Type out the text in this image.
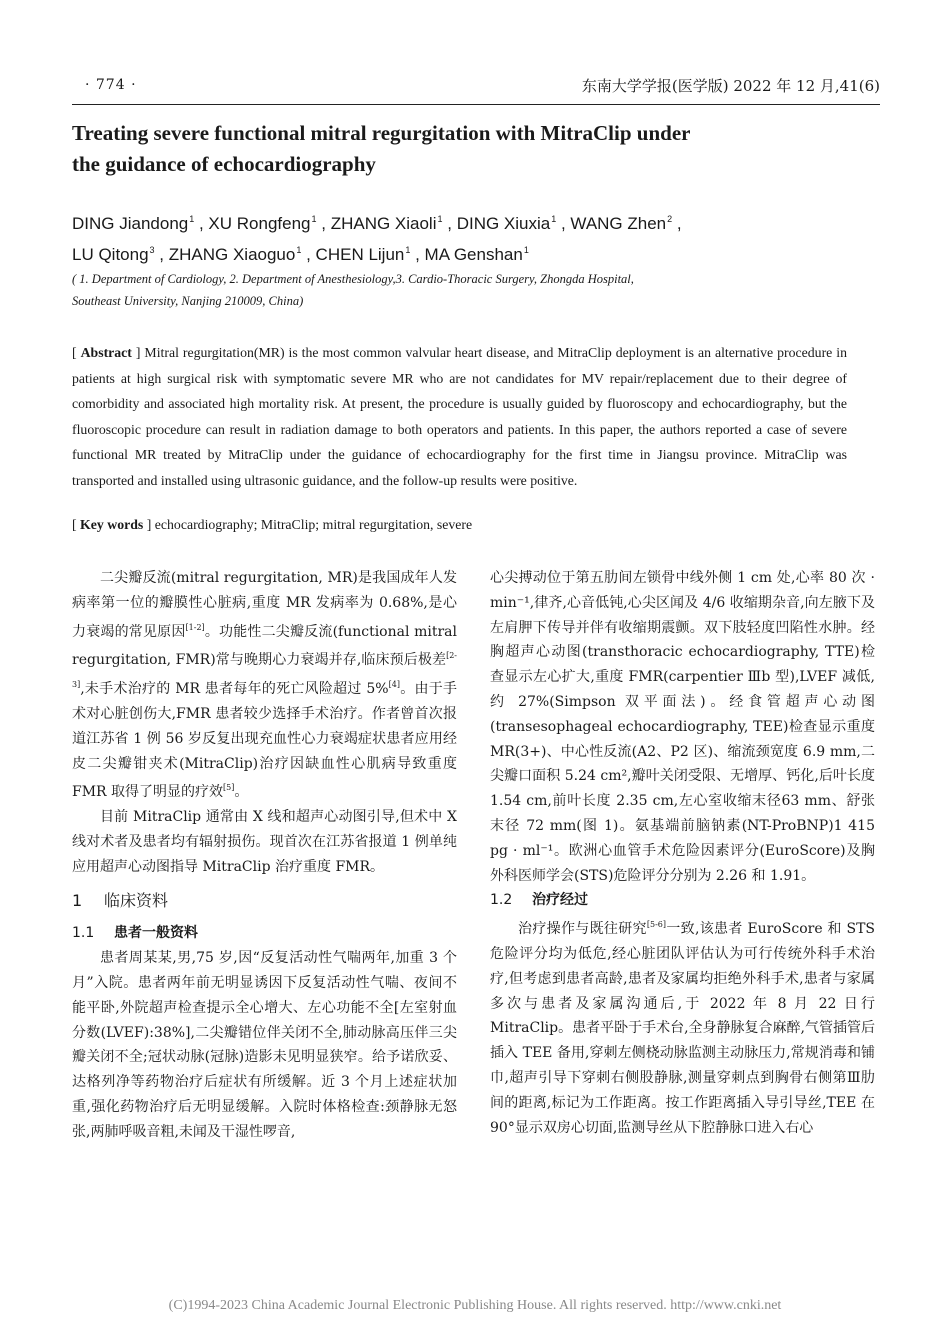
· 774 ·	东南大学学报(医学版) 2022 年 12 月,41(6)
Treating severe functional mitral regurgitation with MitraClip under
the guidance of echocardiography
DING Jiandong$^1$ , XU Rongfeng$^1$ , ZHANG Xiaoli$^1$ , DING Xiuxia$^1$ , WANG Zhen$^2$ ,
LU Qitong$^3$ , ZHANG Xiaoguo$^1$ , CHEN Lijun$^1$ , MA Genshan$^1$
( 1. Department of Cardiology, 2. Department of Anesthesiology,3. Cardio-Thoracic Surgery, Zhongda Hospital,
Southeast University, Nanjing 210009, China)
[ Abstract ] Mitral regurgitation(MR) is the most common valvular heart disease, and MitraClip deployment is an alternative procedure in patients at high surgical risk with symptomatic severe MR who are not candidates for MV repair/replacement due to their degree of comorbidity and associated high mortality risk. At present, the procedure is usually guided by fluoroscopy and echocardiography, but the fluoroscopic procedure can result in radiation damage to both operators and patients. In this paper, the authors reported a case of severe functional MR treated by MitraClip under the guidance of echocardiography for the first time in Jiangsu province. MitraClip was transported and installed using ultrasonic guidance, and the follow-up results were positive.
[ Key words ] echocardiography; MitraClip; mitral regurgitation, severe

二尖瓣反流(mitral regurgitation, MR)是我国成年人发病率第一位的瓣膜性心脏病,重度 MR 发病率为 0.68%,是心力衰竭的常见原因[1-2]。功能性二尖瓣反流(functional mitral regurgitation, FMR)常与晚期心力衰竭并存,临床预后极差[2-3],未手术治疗的 MR 患者每年的死亡风险超过 5%[4]。由于手术对心脏创伤大,FMR 患者较少选择手术治疗。作者曾首次报道江苏省 1 例 56 岁反复出现充血性心力衰竭症状患者应用经皮二尖瓣钳夹术(MitraClip)治疗因缺血性心肌病导致重度 FMR 取得了明显的疗效[5]。

目前 MitraClip 通常由 X 线和超声心动图引导,但术中 X 线对术者及患者均有辐射损伤。现首次在江苏省报道 1 例单纯应用超声心动图指导 MitraClip 治疗重度 FMR。

1 临床资料
1.1 患者一般资料

患者周某某,男,75 岁,因“反复活动性气喘两年,加重 3 个月”入院。患者两年前无明显诱因下反复活动性气喘、夜间不能平卧,外院超声检查提示全心增大、左心功能不全[左室射血分数(LVEF):38%],二尖瓣错位伴关闭不全,肺动脉高压伴三尖瓣关闭不全;冠状动脉(冠脉)造影未见明显狭窄。给予诺欣妥、达格列净等药物治疗后症状有所缓解。近 3 个月上述症状加重,强化药物治疗后无明显缓解。入院时体格检查:颈静脉无怒张,两肺呼吸音粗,未闻及干湿性啰音,

心尖搏动位于第五肋间左锁骨中线外侧 1 cm 处,心率 80 次 · min⁻¹,律齐,心音低钝,心尖区闻及 4/6 收缩期杂音,向左腋下及左肩胛下传导并伴有收缩期震颤。双下肢轻度凹陷性水肿。经胸超声心动图(transthoracic echocardiography, TTE)检查显示左心扩大,重度 FMR(carpentier Ⅲb 型),LVEF 减低,约 27%(Simpson 双平面法)。经食管超声心动图(transesophageal echocardiography, TEE)检查显示重度 MR(3+)、中心性反流(A2、P2 区)、缩流颈宽度 6.9 mm,二尖瓣口面积 5.24 cm²,瓣叶关闭受限、无增厚、钙化,后叶长度 1.54 cm,前叶长度 2.35 cm,左心室收缩末径63 mm、舒张末径 72 mm(图 1)。氨基端前脑钠素(NT-ProBNP)1 415 pg · ml⁻¹。欧洲心血管手术危险因素评分(EuroScore)及胸外科医师学会(STS)危险评分分别为 2.26 和 1.91。

1.2 治疗经过

治疗操作与既往研究[5-6]一致,该患者 EuroScore 和 STS 危险评分均为低危,经心脏团队评估认为可行传统外科手术治疗,但考虑到患者高龄,患者及家属均拒绝外科手术,患者与家属多次与患者及家属沟通后,于 2022 年 8 月 22 日行 MitraClip。患者平卧于手术台,全身静脉复合麻醉,气管插管后插入 TEE 备用,穿刺左侧桡动脉监测主动脉压力,常规消毒和铺巾,超声引导下穿刺右侧股静脉,测量穿刺点到胸骨右侧第Ⅲ肋间的距离,标记为工作距离。按工作距离插入导引导丝,TEE 在 90°显示双房心切面,监测导丝从下腔静脉口进入右心

(C)1994-2023 China Academic Journal Electronic Publishing House. All rights reserved. http://www.cnki.net
